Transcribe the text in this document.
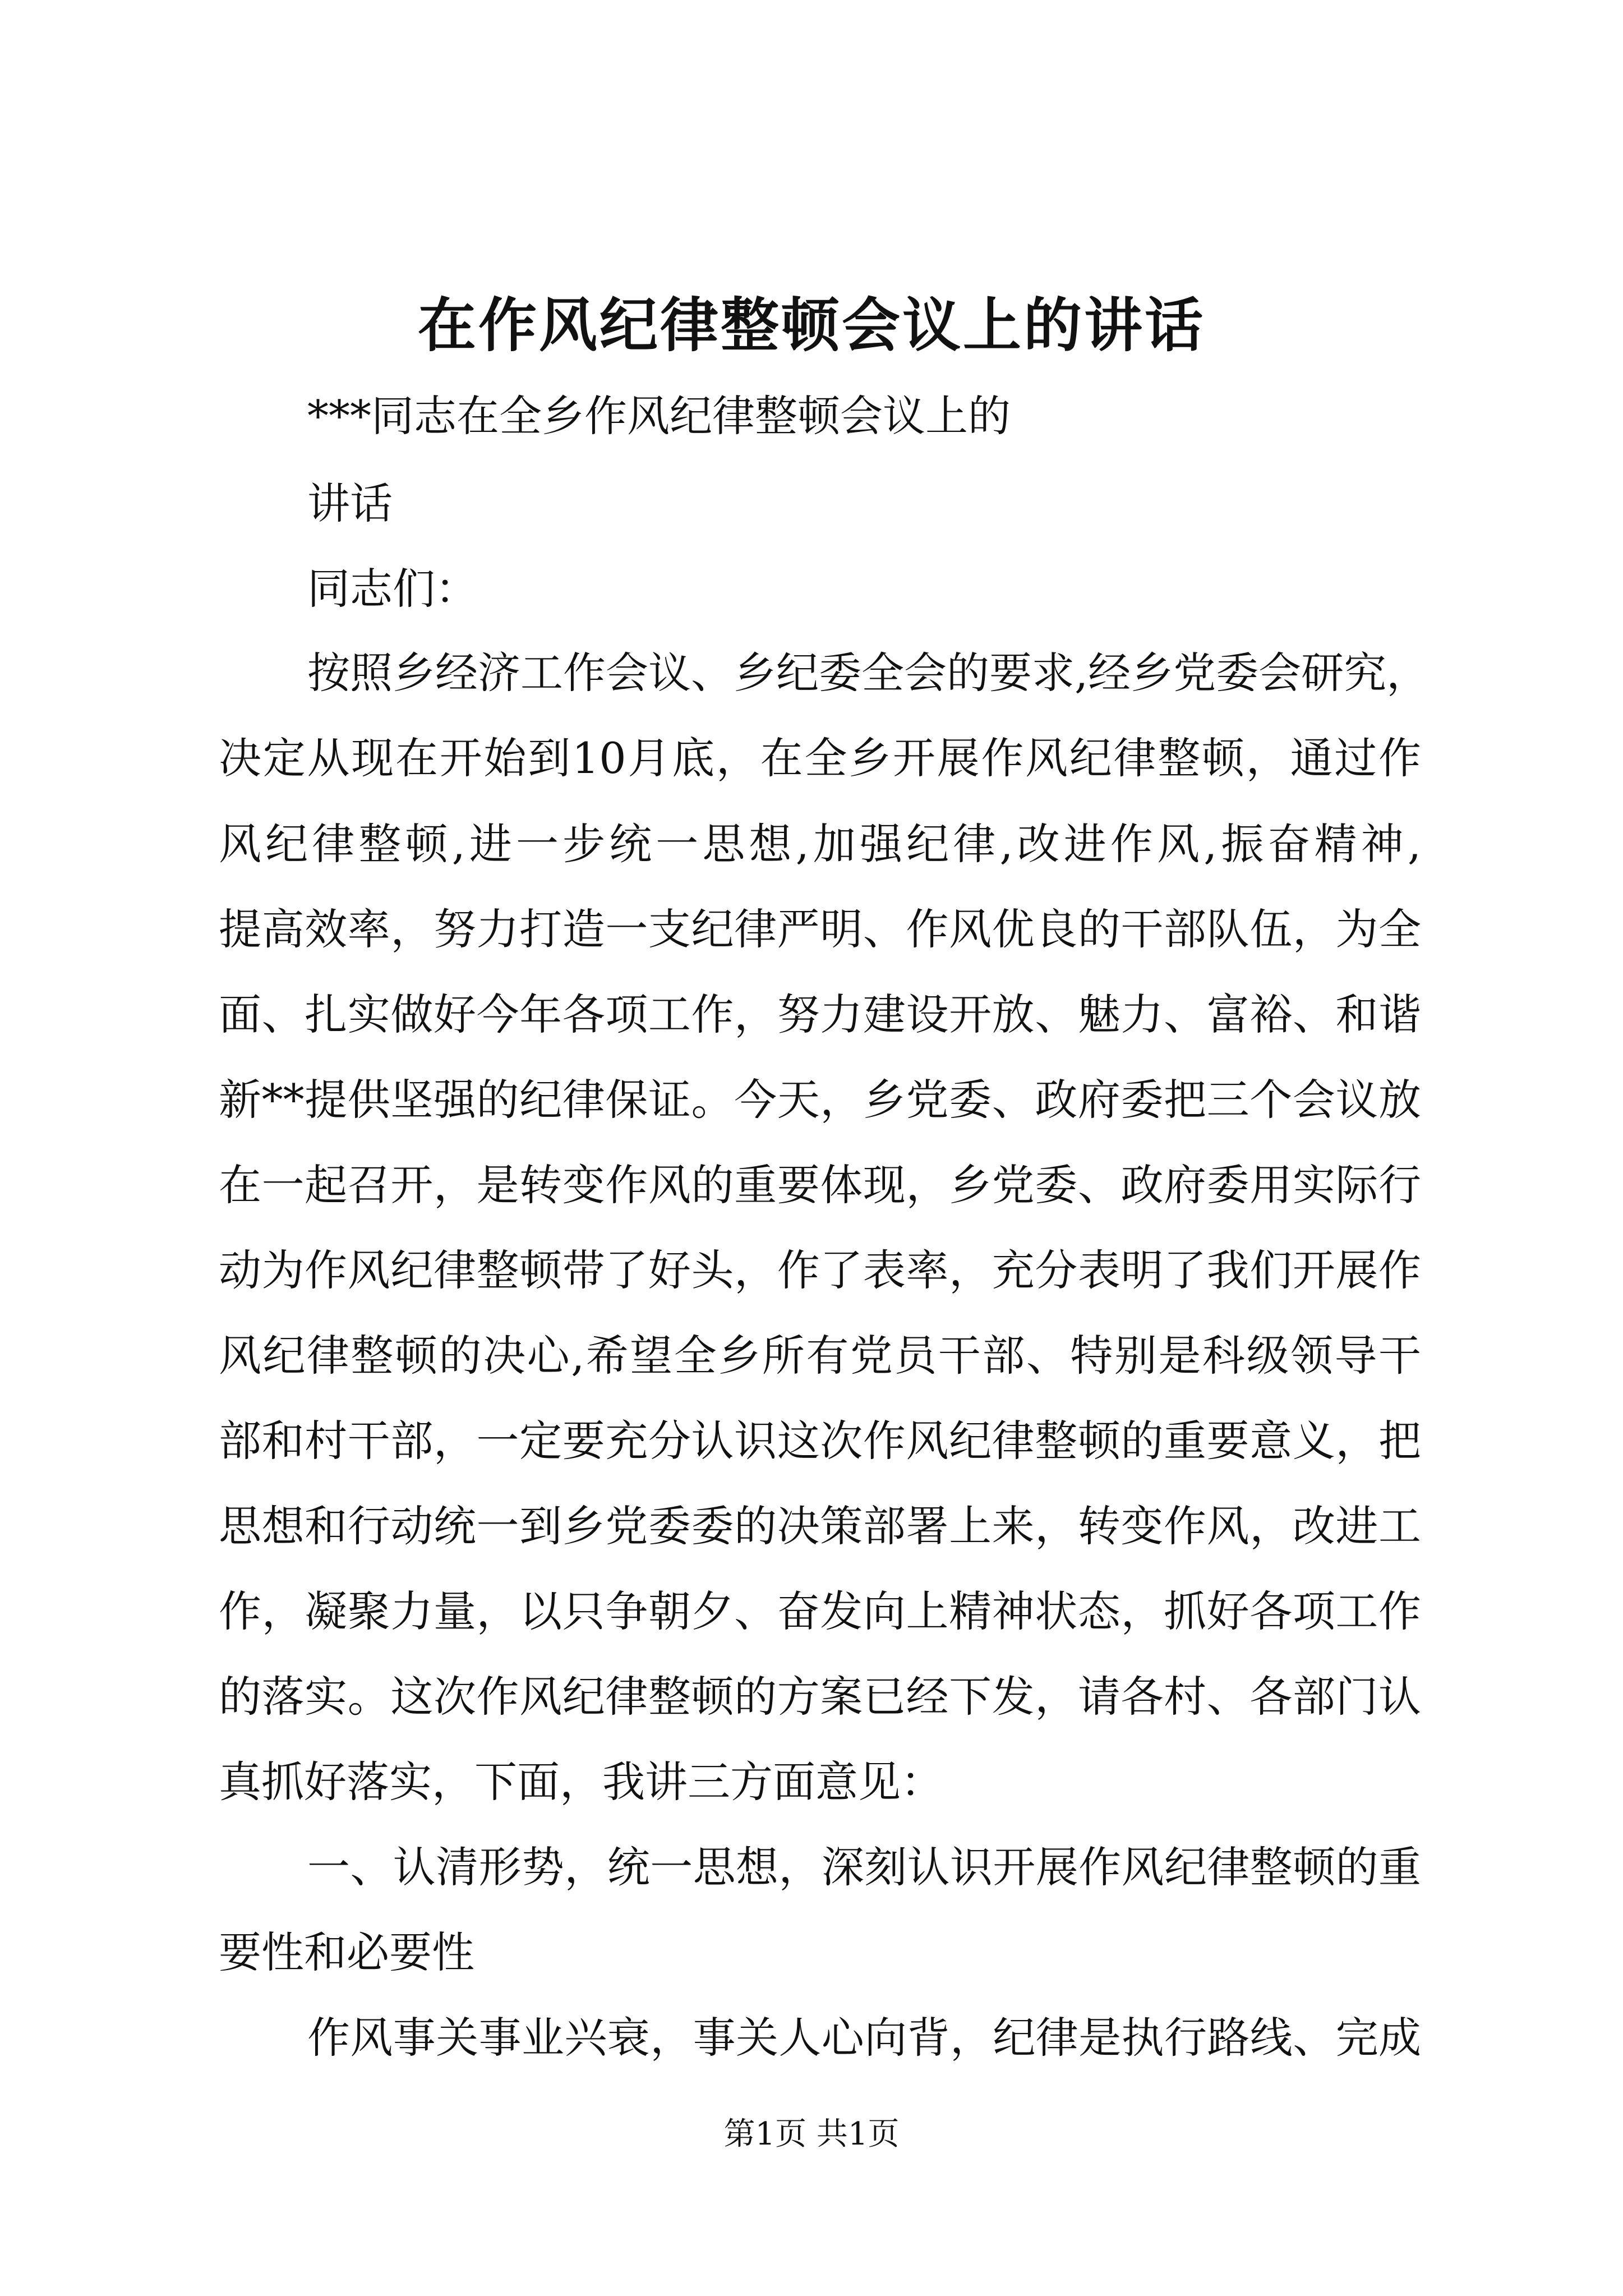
在作风纪律整顿会议上的讲话
***同志在全乡作风纪律整顿会议上的
讲话
同志们：
按照乡经济工作会议、乡纪委全会的要求,经乡党委会研究，
决定从现在开始到10月底，在全乡开展作风纪律整顿，通过作
风纪律整顿,进一步统一思想,加强纪律,改进作风,振奋精神,
提高效率，努力打造一支纪律严明、作风优良的干部队伍，为全
面、扎实做好今年各项工作，努力建设开放、魅力、富裕、和谐
新**提供坚强的纪律保证。今天，乡党委、政府委把三个会议放
在一起召开，是转变作风的重要体现，乡党委、政府委用实际行
动为作风纪律整顿带了好头，作了表率，充分表明了我们开展作
风纪律整顿的决心,希望全乡所有党员干部、特别是科级领导干
部和村干部，一定要充分认识这次作风纪律整顿的重要意义，把
思想和行动统一到乡党委委的决策部署上来，转变作风，改进工
作，凝聚力量，以只争朝夕、奋发向上精神状态，抓好各项工作
的落实。这次作风纪律整顿的方案已经下发，请各村、各部门认
真抓好落实，下面，我讲三方面意见：
一、认清形势，统一思想，深刻认识开展作风纪律整顿的重
要性和必要性
作风事关事业兴衰，事关人心向背，纪律是执行路线、完成
第1页 共1页
